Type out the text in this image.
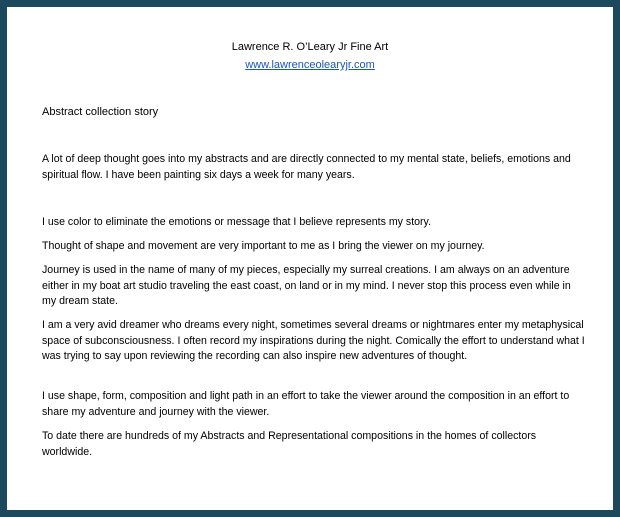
Lawrence R. O’Leary Jr Fine Art
www.lawrenceolearyjr.com
Abstract collection story

A lot of deep thought goes into my abstracts and are directly connected to my mental state, beliefs, emotions and spiritual flow. I have been painting six days a week for many years.

I use color to eliminate the emotions or message that I believe represents my story.

Thought of shape and movement are very important to me as I bring the viewer on my journey.

Journey is used in the name of many of my pieces, especially my surreal creations. I am always on an adventure either in my boat art studio traveling the east coast, on land or in my mind. I never stop this process even while in my dream state.

I am a very avid dreamer who dreams every night, sometimes several dreams or nightmares enter my metaphysical space of subconsciousness. I often record my inspirations during the night. Comically the effort to understand what I was trying to say upon reviewing the recording can also inspire new adventures of thought.

I use shape, form, composition and light path in an effort to take the viewer around the composition in an effort to share my adventure and journey with the viewer.

To date there are hundreds of my Abstracts and Representational compositions in the homes of collectors worldwide.
